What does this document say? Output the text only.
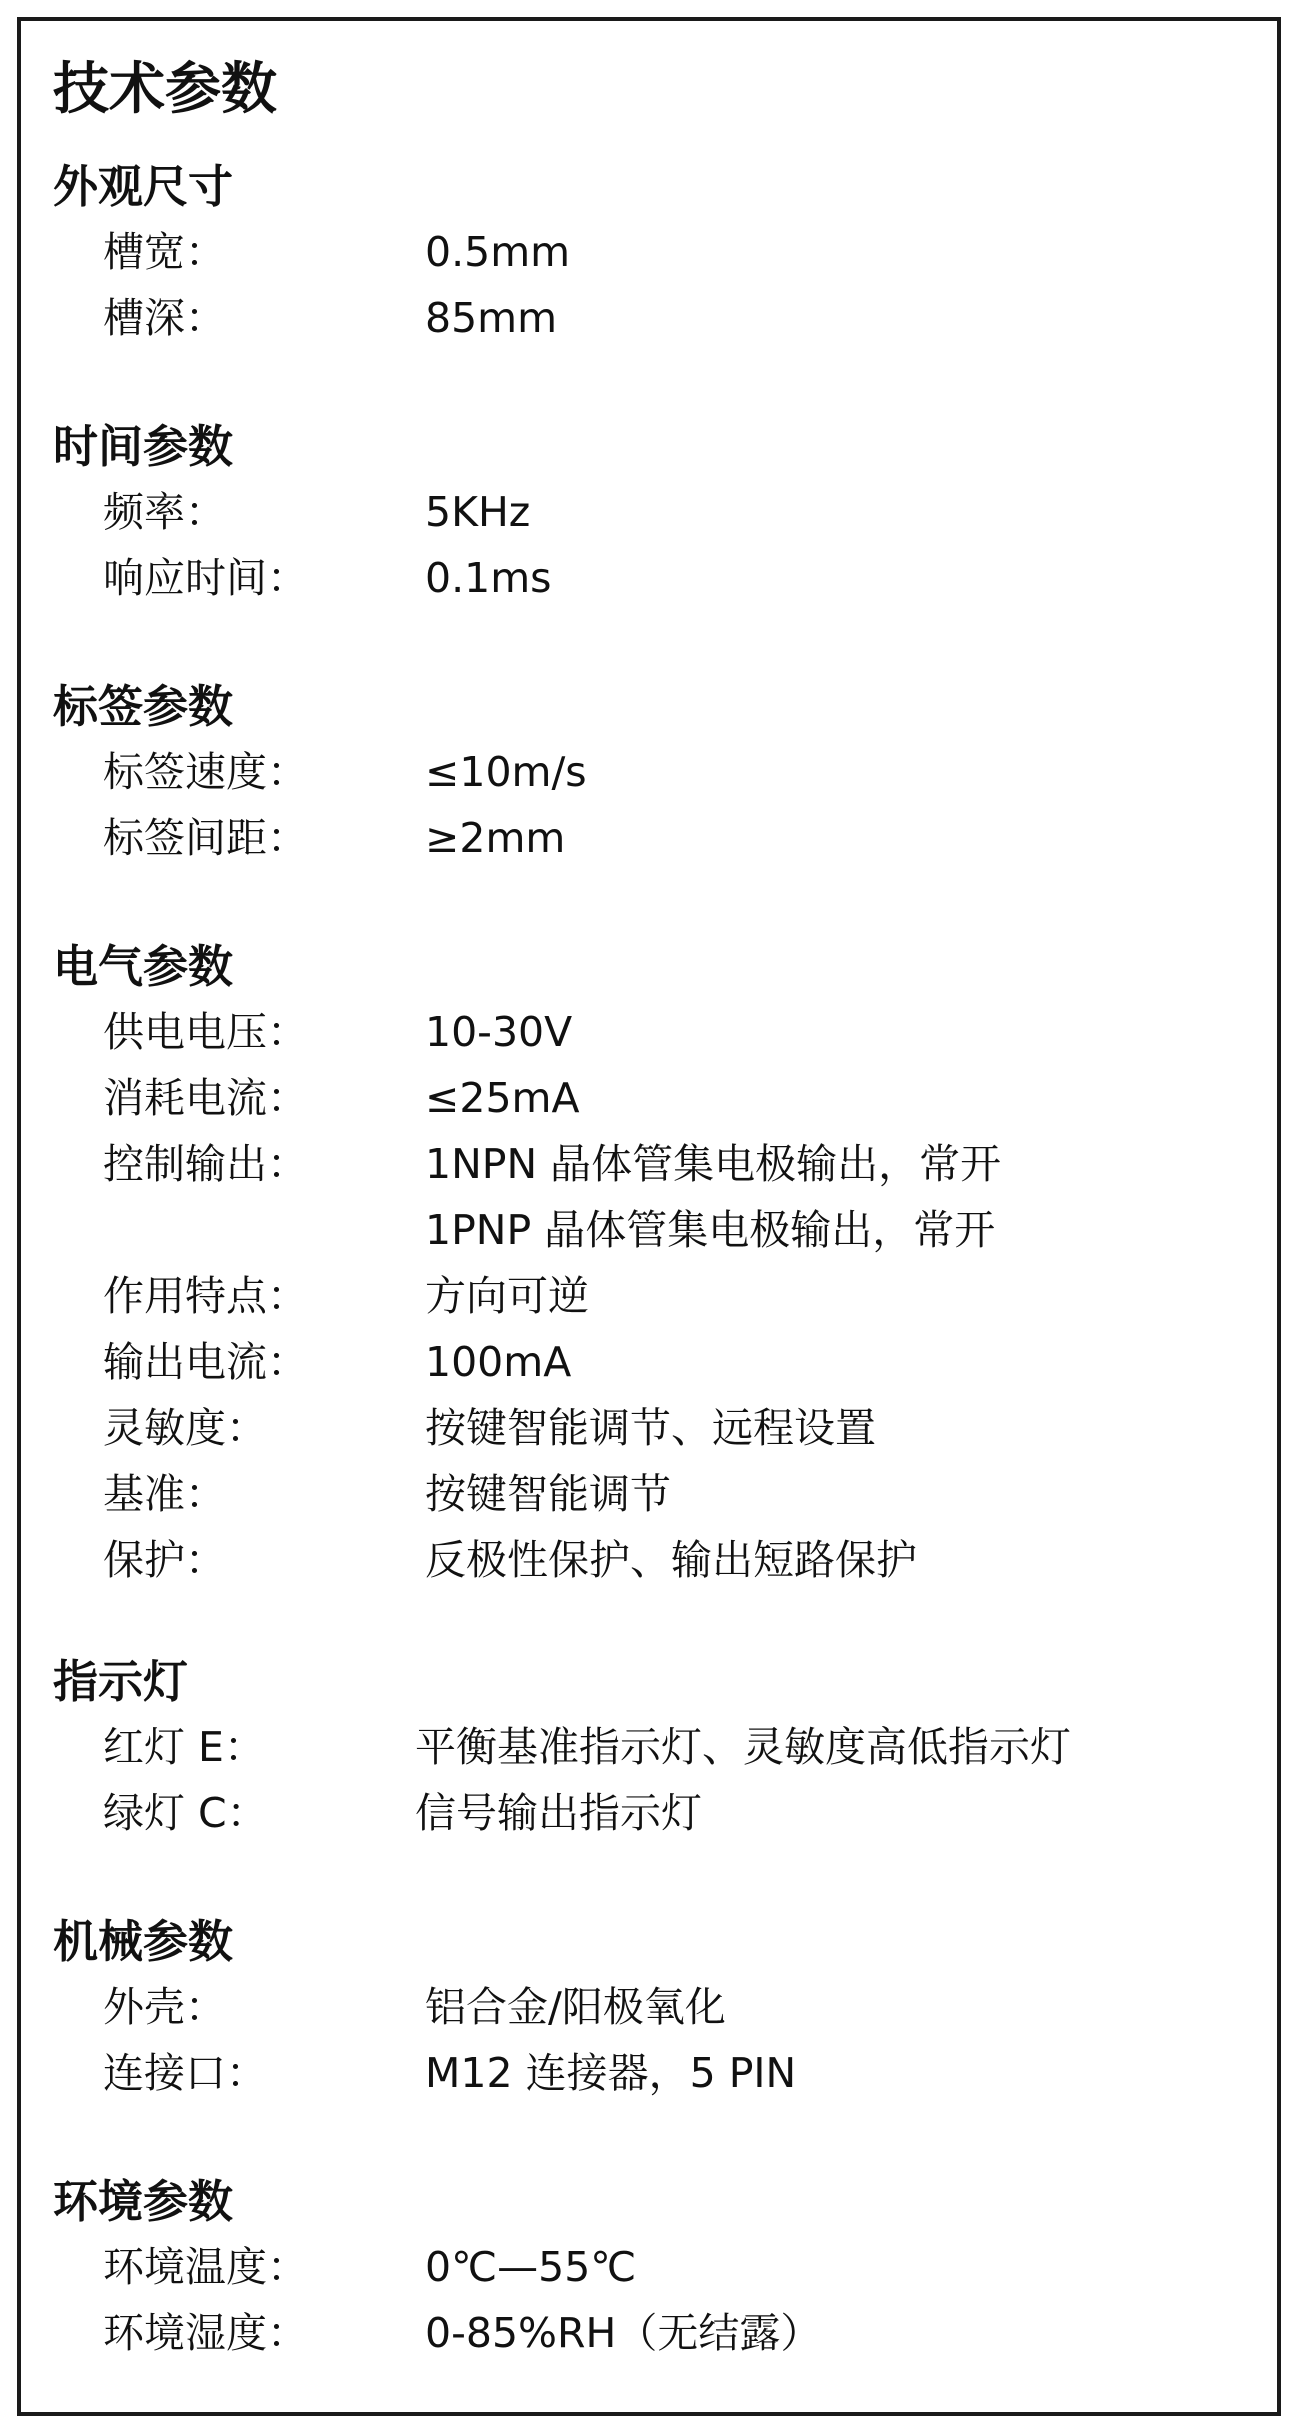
技术参数
外观尺寸
槽宽：	0.5mm
槽深：	85mm
时间参数
频率：	5KHz
响应时间：	0.1ms
标签参数
标签速度：	≤10m/s
标签间距：	≥2mm
电气参数
供电电压：	10-30V
消耗电流：	≤25mA
控制输出：	1NPN 晶体管集电极输出，常开
1PNP 晶体管集电极输出，常开
作用特点：	方向可逆
输出电流：	100mA
灵敏度：	按键智能调节、远程设置
基准：	按键智能调节
保护：	反极性保护、输出短路保护
指示灯
红灯 E：	平衡基准指示灯、灵敏度高低指示灯
绿灯 C：	信号输出指示灯
机械参数
外壳：	铝合金/阳极氧化
连接口：	M12 连接器，5 PIN
环境参数
环境温度：	0℃—55℃
环境湿度：	0-85%RH（无结露）
